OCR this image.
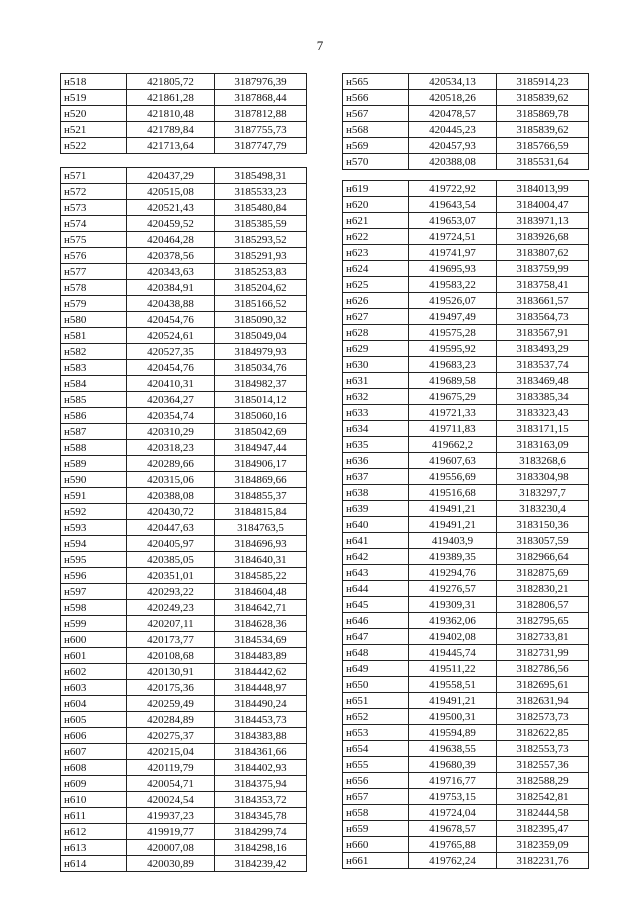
7
н518	421805,72	3187976,39
н519	421861,28	3187868,44
н520	421810,48	3187812,88
н521	421789,84	3187755,73
н522	421713,64	3187747,79
н571	420437,29	3185498,31
н572	420515,08	3185533,23
н573	420521,43	3185480,84
н574	420459,52	3185385,59
н575	420464,28	3185293,52
н576	420378,56	3185291,93
н577	420343,63	3185253,83
н578	420384,91	3185204,62
н579	420438,88	3185166,52
н580	420454,76	3185090,32
н581	420524,61	3185049,04
н582	420527,35	3184979,93
н583	420454,76	3185034,76
н584	420410,31	3184982,37
н585	420364,27	3185014,12
н586	420354,74	3185060,16
н587	420310,29	3185042,69
н588	420318,23	3184947,44
н589	420289,66	3184906,17
н590	420315,06	3184869,66
н591	420388,08	3184855,37
н592	420430,72	3184815,84
н593	420447,63	3184763,5
н594	420405,97	3184696,93
н595	420385,05	3184640,31
н596	420351,01	3184585,22
н597	420293,22	3184604,48
н598	420249,23	3184642,71
н599	420207,11	3184628,36
н600	420173,77	3184534,69
н601	420108,68	3184483,89
н602	420130,91	3184442,62
н603	420175,36	3184448,97
н604	420259,49	3184490,24
н605	420284,89	3184453,73
н606	420275,37	3184383,88
н607	420215,04	3184361,66
н608	420119,79	3184402,93
н609	420054,71	3184375,94
н610	420024,54	3184353,72
н611	419937,23	3184345,78
н612	419919,77	3184299,74
н613	420007,08	3184298,16
н614	420030,89	3184239,42
н565	420534,13	3185914,23
н566	420518,26	3185839,62
н567	420478,57	3185869,78
н568	420445,23	3185839,62
н569	420457,93	3185766,59
н570	420388,08	3185531,64
н619	419722,92	3184013,99
н620	419643,54	3184004,47
н621	419653,07	3183971,13
н622	419724,51	3183926,68
н623	419741,97	3183807,62
н624	419695,93	3183759,99
н625	419583,22	3183758,41
н626	419526,07	3183661,57
н627	419497,49	3183564,73
н628	419575,28	3183567,91
н629	419595,92	3183493,29
н630	419683,23	3183537,74
н631	419689,58	3183469,48
н632	419675,29	3183385,34
н633	419721,33	3183323,43
н634	419711,83	3183171,15
н635	419662,2	3183163,09
н636	419607,63	3183268,6
н637	419556,69	3183304,98
н638	419516,68	3183297,7
н639	419491,21	3183230,4
н640	419491,21	3183150,36
н641	419403,9	3183057,59
н642	419389,35	3182966,64
н643	419294,76	3182875,69
н644	419276,57	3182830,21
н645	419309,31	3182806,57
н646	419362,06	3182795,65
н647	419402,08	3182733,81
н648	419445,74	3182731,99
н649	419511,22	3182786,56
н650	419558,51	3182695,61
н651	419491,21	3182631,94
н652	419500,31	3182573,73
н653	419594,89	3182622,85
н654	419638,55	3182553,73
н655	419680,39	3182557,36
н656	419716,77	3182588,29
н657	419753,15	3182542,81
н658	419724,04	3182444,58
н659	419678,57	3182395,47
н660	419765,88	3182359,09
н661	419762,24	3182231,76
